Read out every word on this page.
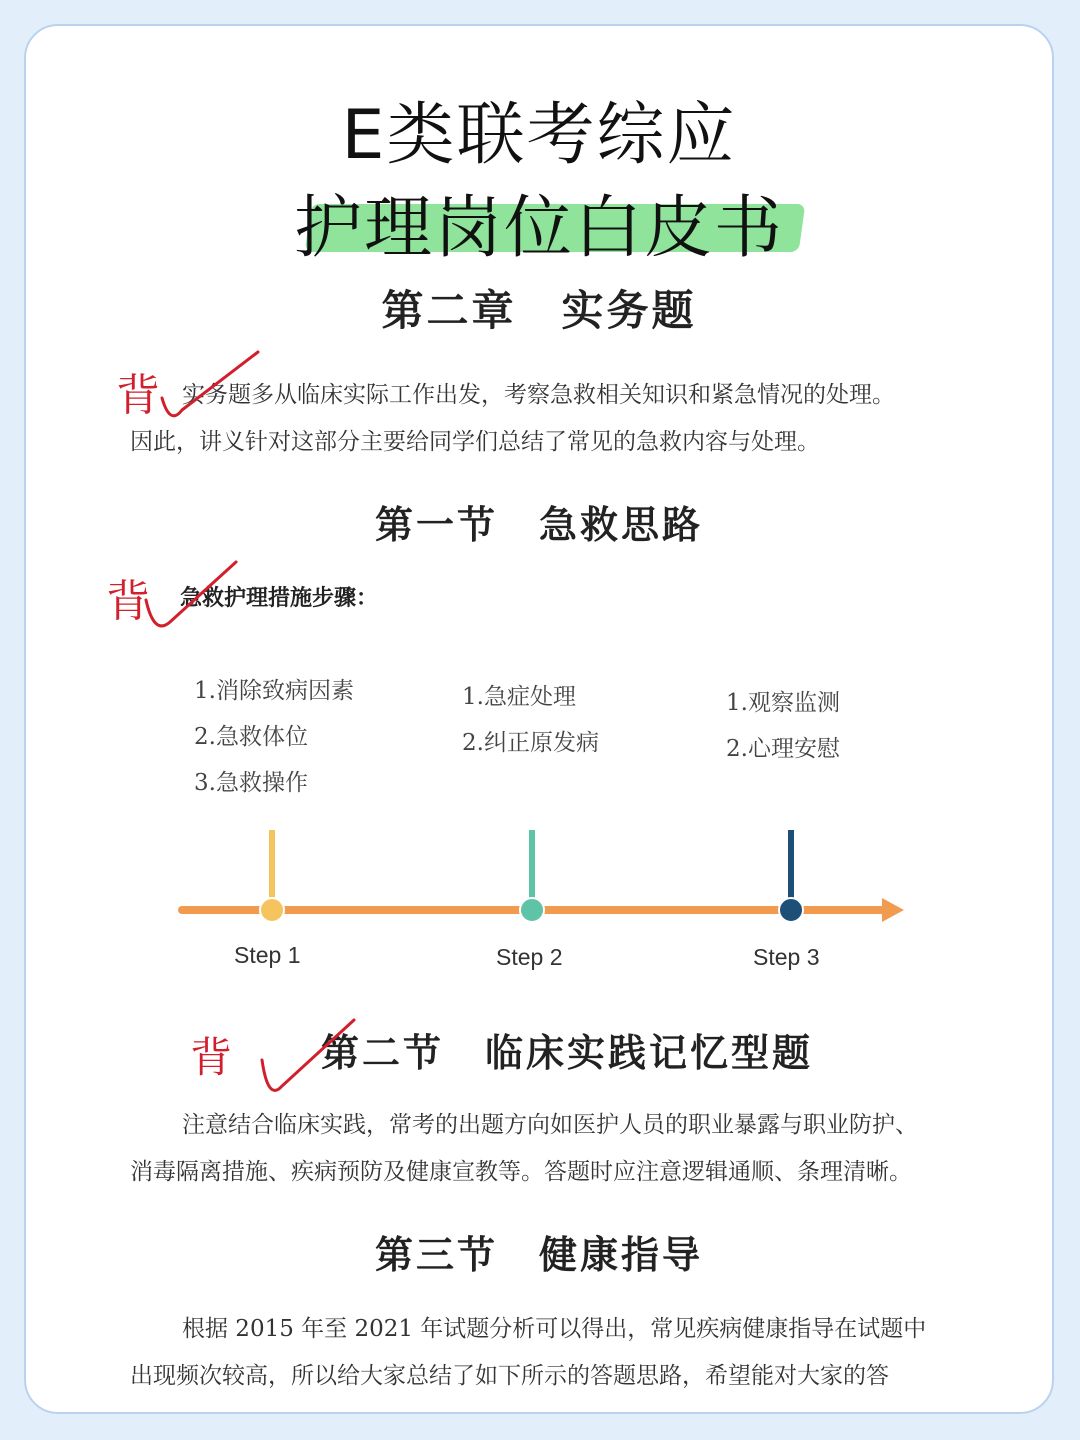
E类联考综应
护理岗位白皮书
第二章　实务题

实务题多从临床实际工作出发，考察急救相关知识和紧急情况的处理。

因此，讲义针对这部分主要给同学们总结了常见的急救内容与处理。

第一节　急救思路
急救护理措施步骤：
1.消除致病因素
2.急救体位
3.急救操作
1.急症处理
2.纠正原发病
1.观察监测
2.心理安慰
Step 1	Step 2	Step 3
第二节　临床实践记忆型题

注意结合临床实践，常考的出题方向如医护人员的职业暴露与职业防护、

消毒隔离措施、疾病预防及健康宣教等。答题时应注意逻辑通顺、条理清晰。

第三节　健康指导

根据 2015 年至 2021 年试题分析可以得出，常见疾病健康指导在试题中

出现频次较高，所以给大家总结了如下所示的答题思路，希望能对大家的答

背
背
背
